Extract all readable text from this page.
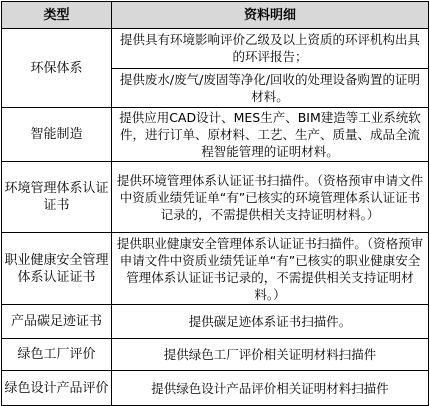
类型	资料明细
环保体系	提供具有环境影响评价乙级及以上资质的环评机构出具的环评报告；
提供废水/废气/废固等净化/回收的处理设备购置的证明材料。

智能制造	提供应用CAD设计、MES生产、BIM建造等工业系统软件，进行订单、原材料、工艺、生产、质量、成品全流程智能管理的证明材料。

环境管理体系认证证书	提供环境管理体系认证证书扫描件。（资格预审申请文件中资质业绩凭证单“有”已核实的环境管理体系认证证书记录的，不需提供相关支持证明材料。）

职业健康安全管理体系认证证书	提供职业健康安全管理体系认证证书扫描件。（资格预审申请文件中资质业绩凭证单“有”已核实的职业健康安全管理体系认证证书记录的，不需提供相关支持证明材料。）

产品碳足迹证书	提供碳足迹体系证书扫描件。

绿色工厂评价	提供绿色工厂评价相关证明材料扫描件

绿色设计产品评价	提供绿色设计产品评价相关证明材料扫描件
